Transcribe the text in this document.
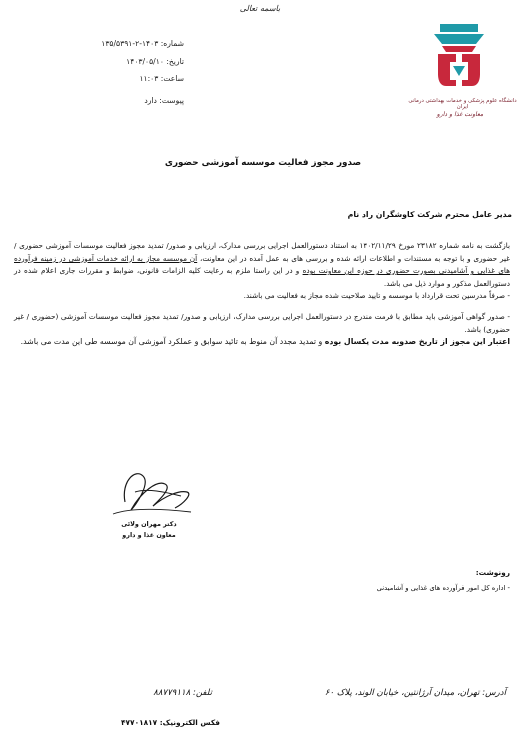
باسمه تعالی
شماره: ۱۴۰۳-۲-۱۳۵/۵۳۹۱
تاریخ: ۱۴۰۳/۰۵/۱۰
ساعت: ۱۱:۰۳
پیوست: دارد	دانشگاه علوم پزشکی و خدمات بهداشتی درمانی ایران
معاونت غذا و دارو
صدور مجوز فعالیت موسسه آموزشی حضوری
مدیر عامل محترم شرکت کاوشگران راد نام

بازگشت به نامه شماره ۲۳۱۸۲ مورخ ۱۴۰۲/۱۱/۲۹ به استناد دستورالعمل اجرایی بررسی مدارک، ارزیابی و صدور/ تمدید مجوز فعالیت موسسات آموزشی حضوری / غیر حضوری و با توجه به مستندات و اطلاعات ارائه شده و بررسی های به عمل آمده در این معاونت، آن موسسه مجاز به ارائه خدمات آموزشی در زمینه فرآورده های غذایی و آشامیدنی بصورت حضوری در حوزه این معاونت بوده و در این راستا ملزم به رعایت کلیه الزامات قانونی، ضوابط و مقررات جاری اعلام شده در دستورالعمل مذکور و موارد ذیل می باشد.

- صرفاً مدرسین تحت قرارداد با موسسه و تایید صلاحیت شده مجاز به فعالیت می باشند.

- صدور گواهی آموزشی باید مطابق با فرمت مندرج در دستورالعمل اجرایی بررسی مدارک، ارزیابی و صدور/ تمدید مجوز فعالیت موسسات آموزشی (حضوری / غیر حضوری) باشد.

اعتبار این مجوز از تاریخ صدوبه مدت یکسال بوده و تمدید مجدد آن منوط به تائید سوابق و عملکرد آموزشی آن موسسه طی این مدت می باشد.

دکتر مهران ولائی
معاون غذا و دارو
رونوشت:
- اداره کل امور فرآورده های غذایی و آشامیدنی
آدرس: تهران، میدان آرژانتین، خیابان الوند، پلاک ۶۰
تلفن: ۸۸۷۷۹۱۱۸
فکس الکترونیک: ۴۷۷۰۱۸۱۷
